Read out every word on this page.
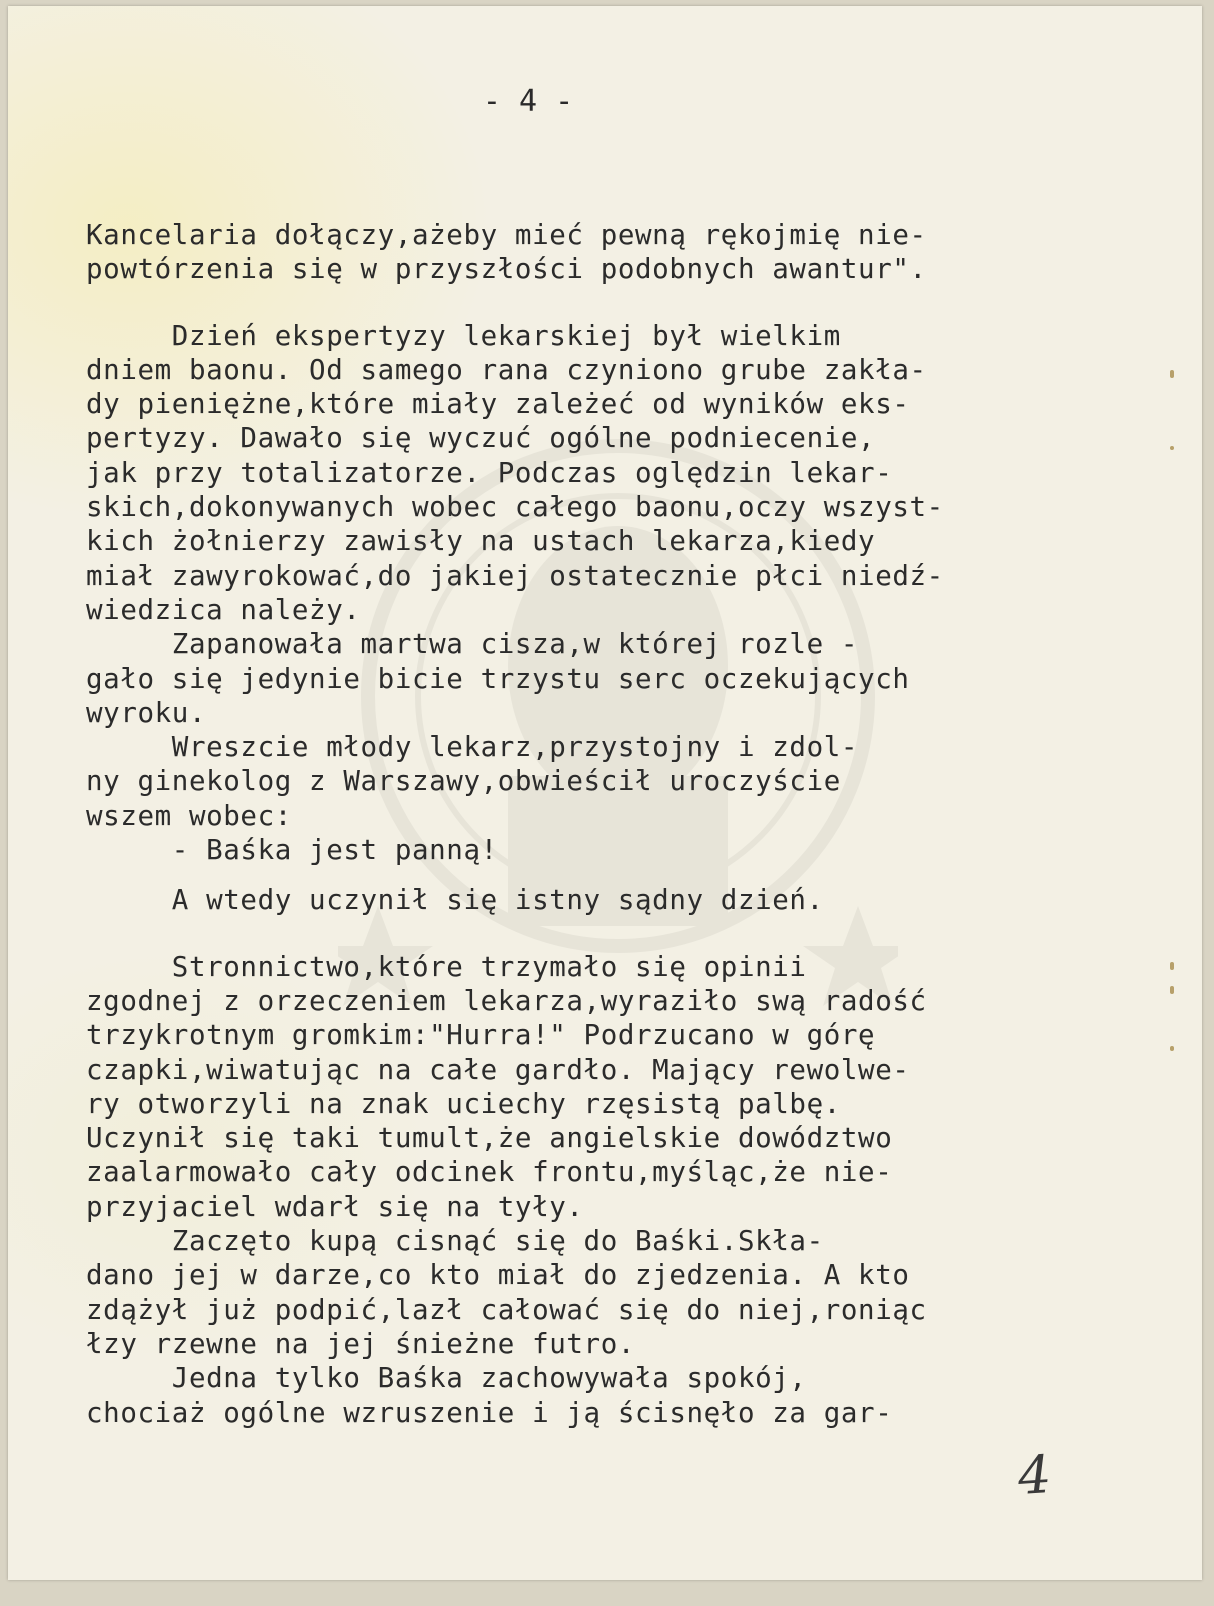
- 4 -
Kancelaria dołączy,ażeby mieć pewną rękojmię nie-
powtórzenia się w przyszłości podobnych awantur".
Dzień ekspertyzy lekarskiej był wielkim
dniem baonu. Od samego rana czyniono grube zakła-
dy pieniężne,które miały zależeć od wyników eks-
pertyzy. Dawało się wyczuć ogólne podniecenie,
jak przy totalizatorze. Podczas oględzin lekar-
skich,dokonywanych wobec całego baonu,oczy wszyst-
kich żołnierzy zawisły na ustach lekarza,kiedy
miał zawyrokować,do jakiej ostatecznie płci niedź-
wiedzica należy.
Zapanowała martwa cisza,w której rozle -
gało się jedynie bicie trzystu serc oczekujących
wyroku.
Wreszcie młody lekarz,przystojny i zdol-
ny ginekolog z Warszawy,obwieścił uroczyście
wszem wobec:
- Baśka jest panną!
A wtedy uczynił się istny sądny dzień.
Stronnictwo,które trzymało się opinii
zgodnej z orzeczeniem lekarza,wyraziło swą radość
trzykrotnym gromkim:"Hurra!" Podrzucano w górę
czapki,wiwatując na całe gardło. Mający rewolwe-
ry otworzyli na znak uciechy rzęsistą palbę.
Uczynił się taki tumult,że angielskie dowództwo
zaalarmowało cały odcinek frontu,myśląc,że nie-
przyjaciel wdarł się na tyły.
Zaczęto kupą cisnąć się do Baśki.Skła-
dano jej w darze,co kto miał do zjedzenia. A kto
zdążył już podpić,lazł całować się do niej,roniąc
łzy rzewne na jej śnieżne futro.
Jedna tylko Baśka zachowywała spokój,
chociaż ogólne wzruszenie i ją ścisnęło za gar-
4
